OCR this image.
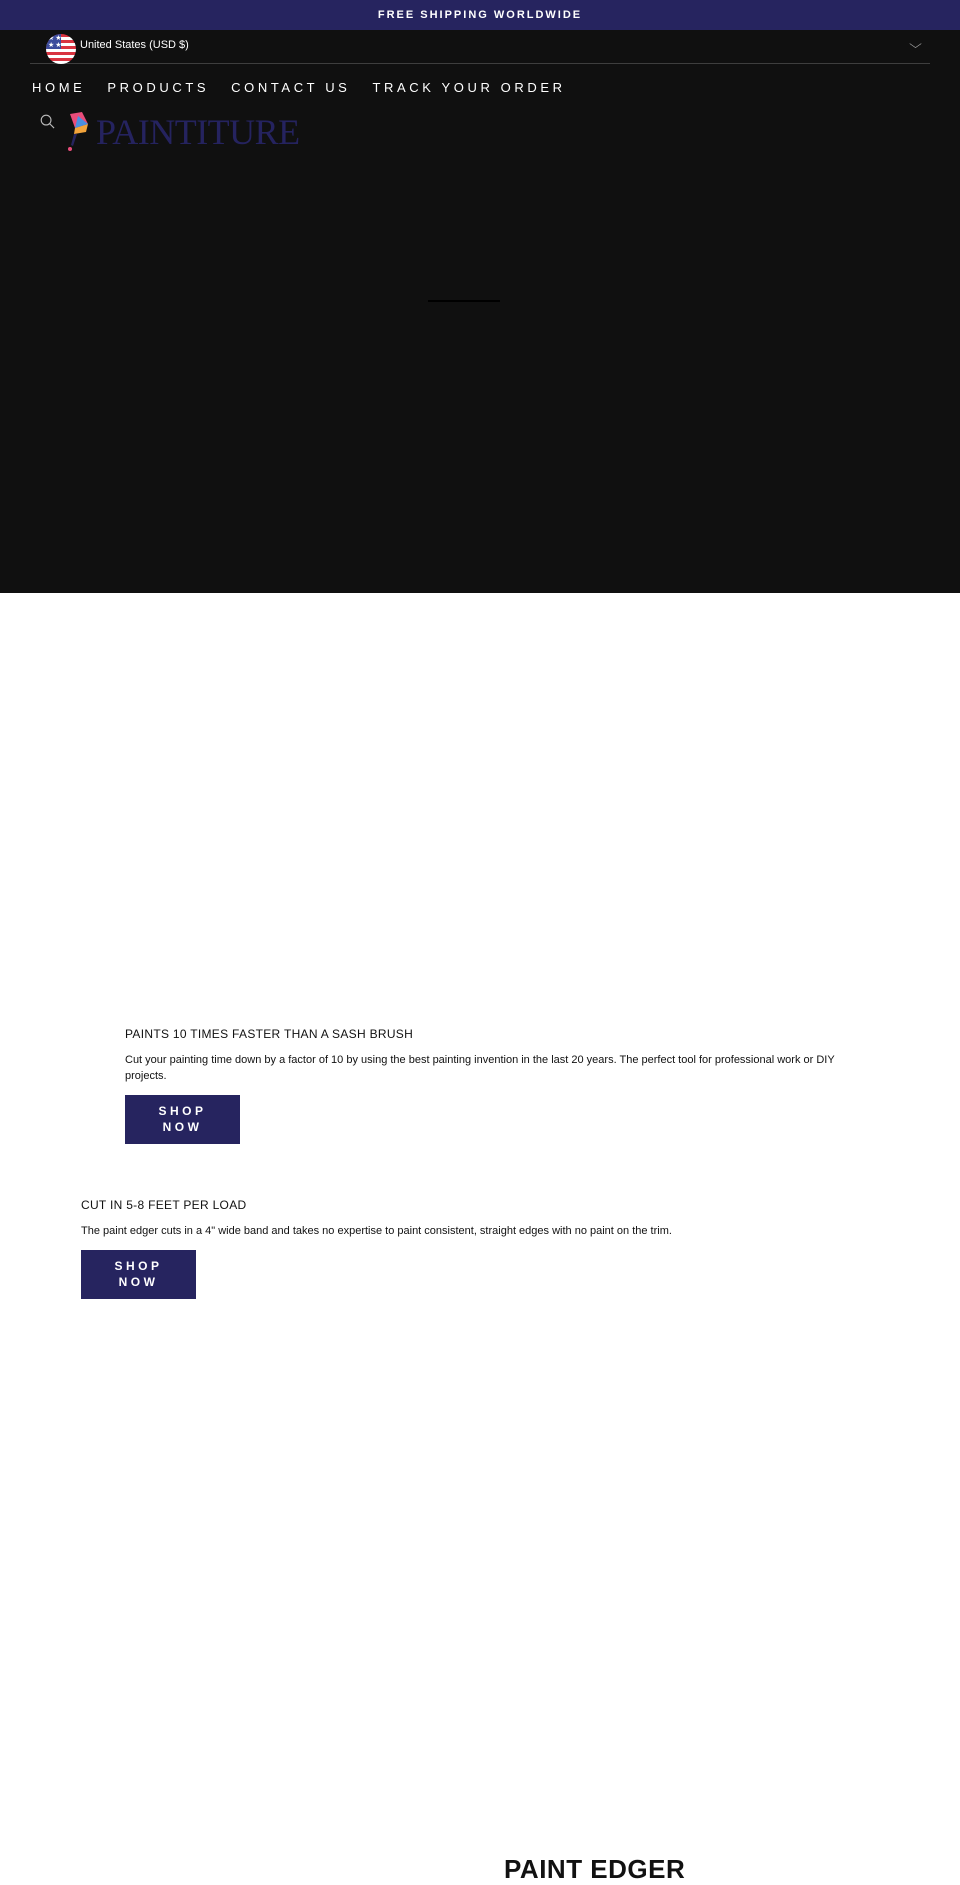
FREE SHIPPING WORLDWIDE
★★
★★ United States (USD $)	⌵
HOME PRODUCTS CONTACT US TRACK YOUR ORDER
PAINTITURE
PAINTS 10 TIMES FASTER THAN A SASH BRUSH

Cut your painting time down by a factor of 10 by using the best painting invention in the last 20 years. The perfect tool for professional work or DIY projects.

SHOP NOW
CUT IN 5-8 FEET PER LOAD

The paint edger cuts in a 4" wide band and takes no expertise to paint consistent, straight edges with no paint on the trim.

SHOP NOW
PAINT EDGER
